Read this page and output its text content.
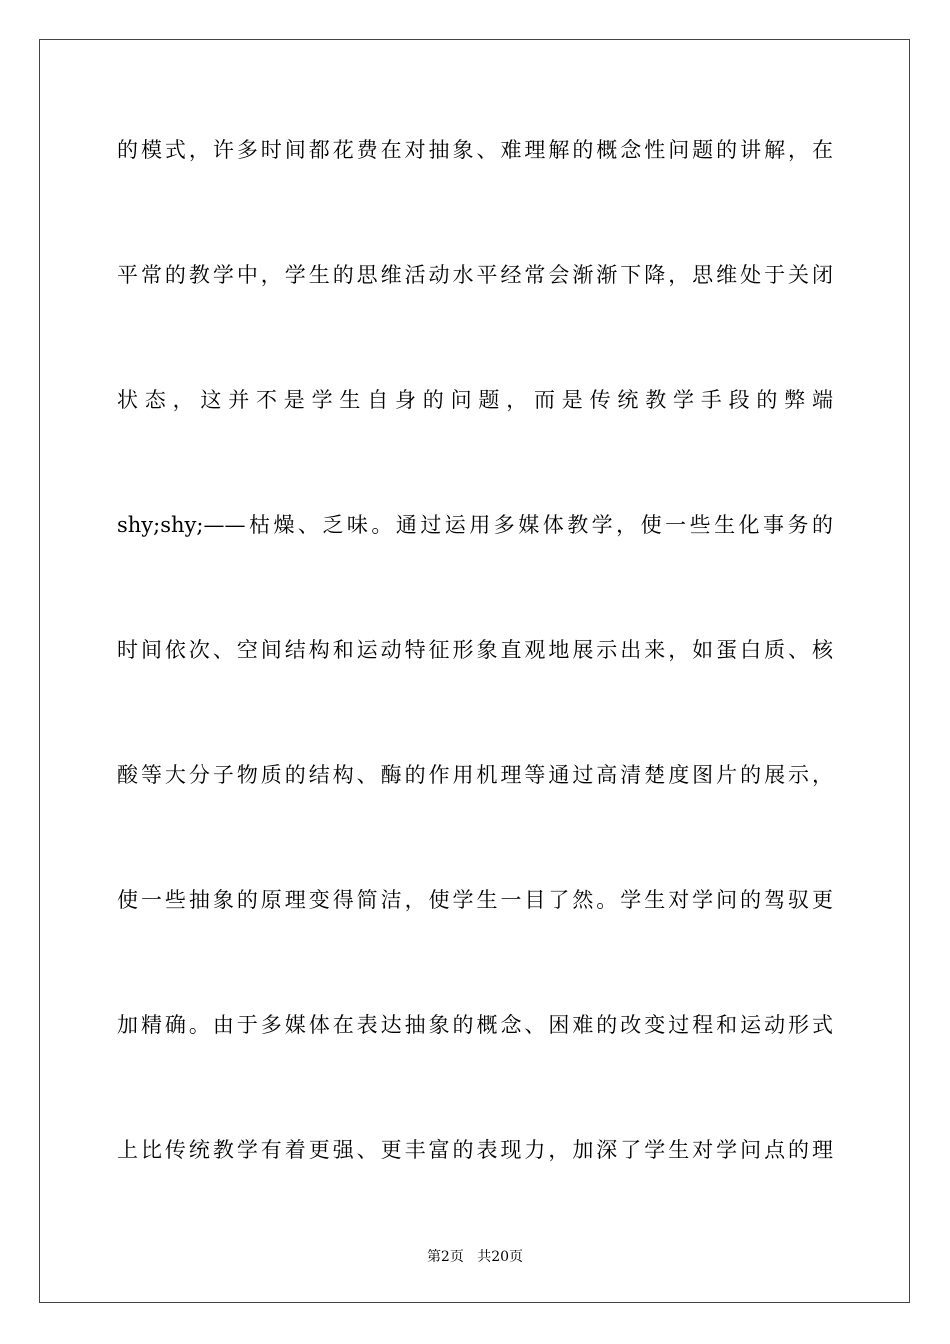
的模式，许多时间都花费在对抽象、难理解的概念性问题的讲解，在
平常的教学中，学生的思维活动水平经常会渐渐下降，思维处于关闭
状态，这并不是学生自身的问题，而是传统教学手段的弊端
shy;shy;——枯燥、乏味。通过运用多媒体教学，使一些生化事务的
时间依次、空间结构和运动特征形象直观地展示出来，如蛋白质、核
酸等大分子物质的结构、酶的作用机理等通过高清楚度图片的展示，
使一些抽象的原理变得简洁，使学生一目了然。学生对学问的驾驭更
加精确。由于多媒体在表达抽象的概念、困难的改变过程和运动形式
上比传统教学有着更强、更丰富的表现力，加深了学生对学问点的理
第2页 共20页
